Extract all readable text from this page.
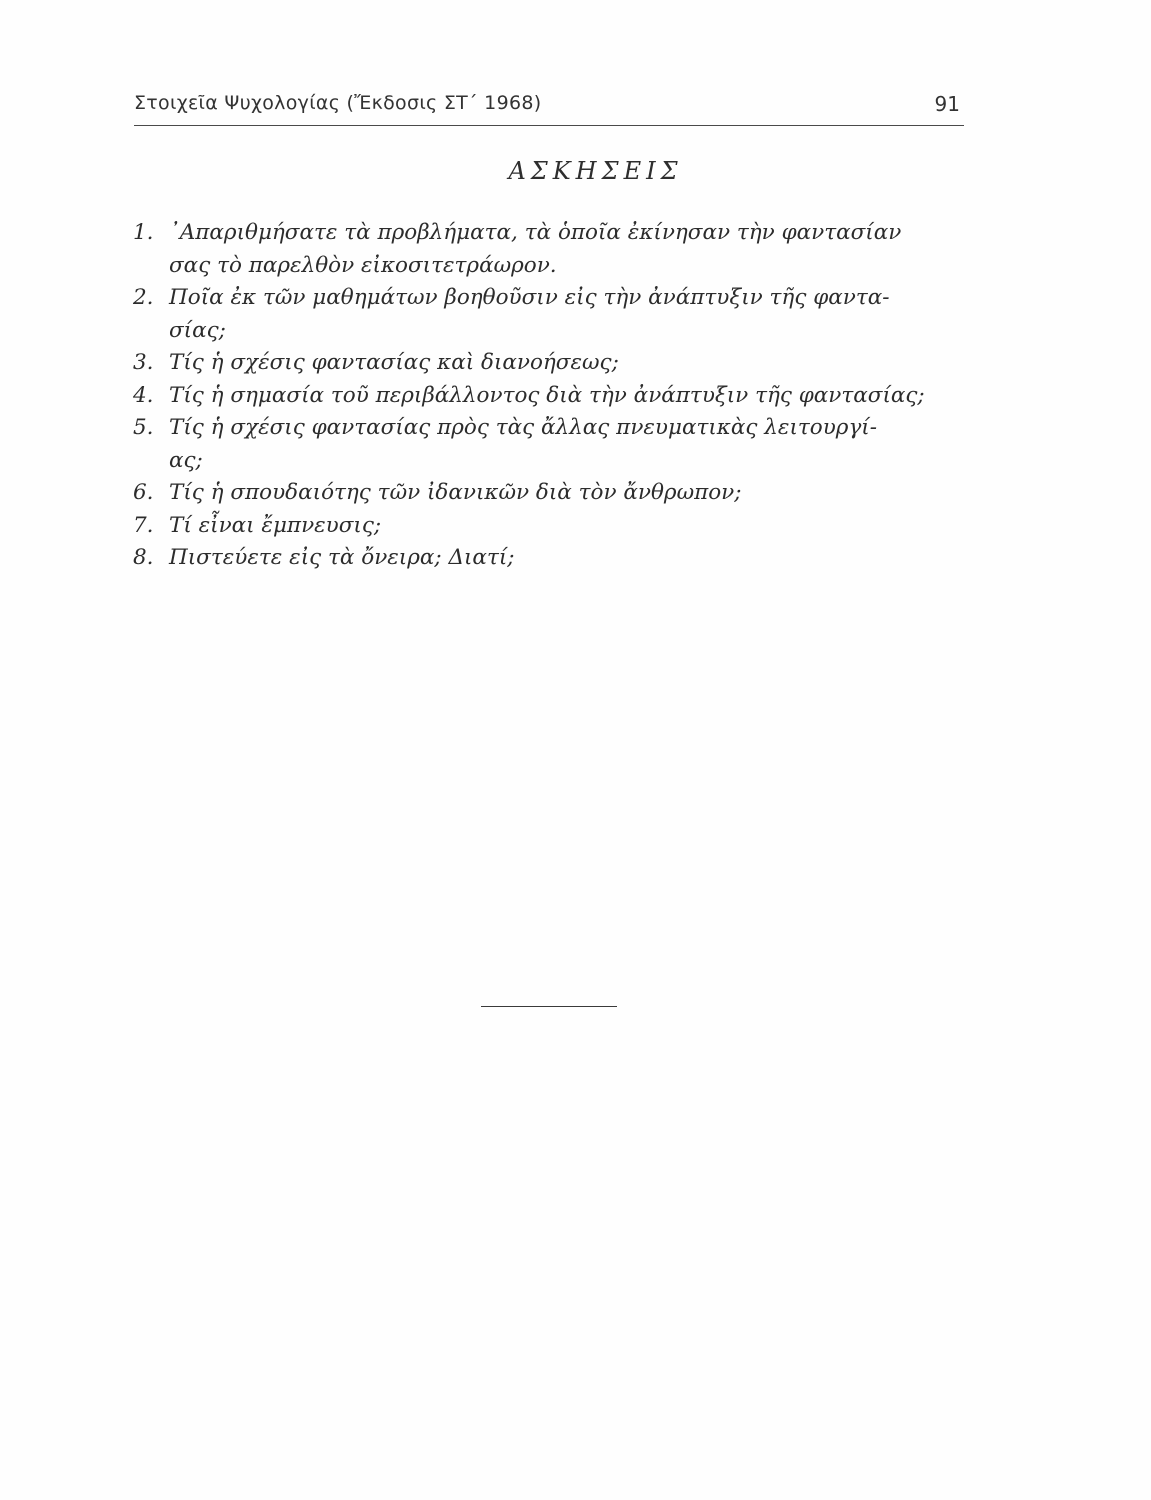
Στοιχεῖα Ψυχολογίας (Ἔκδοσις ΣΤ΄ 1968)	91
ΑΣΚΗΣΕΙΣ
1. ᾿Απαριθμήσατε τὰ προβλήματα, τὰ ὁποῖα ἐκίνησαν τὴν φαντασίαν
σας τὸ παρελθὸν εἰκοσιτετράωρον.
2. Ποῖα ἐκ τῶν μαθημάτων βοηθοῦσιν εἰς τὴν ἀνάπτυξιν τῆς φαντα-
σίας;
3. Τίς ἡ σχέσις φαντασίας καὶ διανοήσεως;
4. Τίς ἡ σημασία τοῦ περιβάλλοντος διὰ τὴν ἀνάπτυξιν τῆς φαντασίας;
5. Τίς ἡ σχέσις φαντασίας πρὸς τὰς ἄλλας πνευματικὰς λειτουργί-
ας;
6. Τίς ἡ σπουδαιότης τῶν ἰδανικῶν διὰ τὸν ἄνθρωπον;
7. Τί εἶναι ἔμπνευσις;
8. Πιστεύετε εἰς τὰ ὄνειρα; Διατί;
